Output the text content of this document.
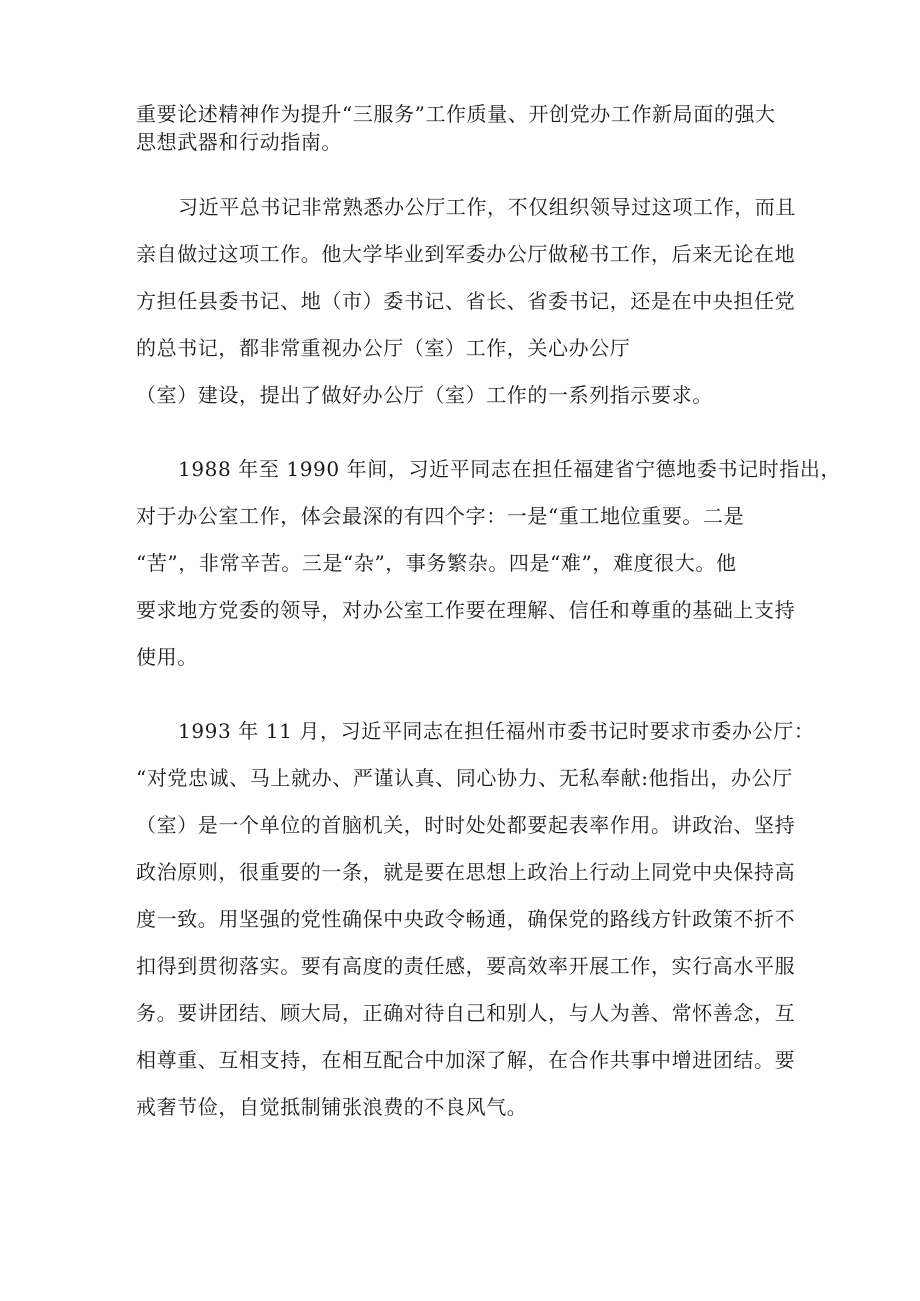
重要论述精神作为提升“三服务”工作质量、开创党办工作新局面的强大
思想武器和行动指南。
习近平总书记非常熟悉办公厅工作，不仅组织领导过这项工作，而且
亲自做过这项工作。他大学毕业到军委办公厅做秘书工作，后来无论在地
方担任县委书记、地（市）委书记、省长、省委书记，还是在中央担任党
的总书记，都非常重视办公厅（室）工作，关心办公厅
（室）建设，提出了做好办公厅（室）工作的一系列指示要求。
1988 年至 1990 年间，习近平同志在担任福建省宁德地委书记时指出，
对于办公室工作，体会最深的有四个字：一是“重工地位重要。二是
“苦”，非常辛苦。三是“杂”，事务繁杂。四是“难”，难度很大。他
要求地方党委的领导，对办公室工作要在理解、信任和尊重的基础上支持
使用。
1993 年 11 月，习近平同志在担任福州市委书记时要求市委办公厅：
“对党忠诚、马上就办、严谨认真、同心协力、无私奉献:他指出，办公厅
（室）是一个单位的首脑机关，时时处处都要起表率作用。讲政治、坚持
政治原则，很重要的一条，就是要在思想上政治上行动上同党中央保持高
度一致。用坚强的党性确保中央政令畅通，确保党的路线方针政策不折不
扣得到贯彻落实。要有高度的责任感，要高效率开展工作，实行高水平服
务。要讲团结、顾大局，正确对待自己和别人，与人为善、常怀善念，互
相尊重、互相支持，在相互配合中加深了解，在合作共事中增进团结。要
戒奢节俭，自觉抵制铺张浪费的不良风气。
